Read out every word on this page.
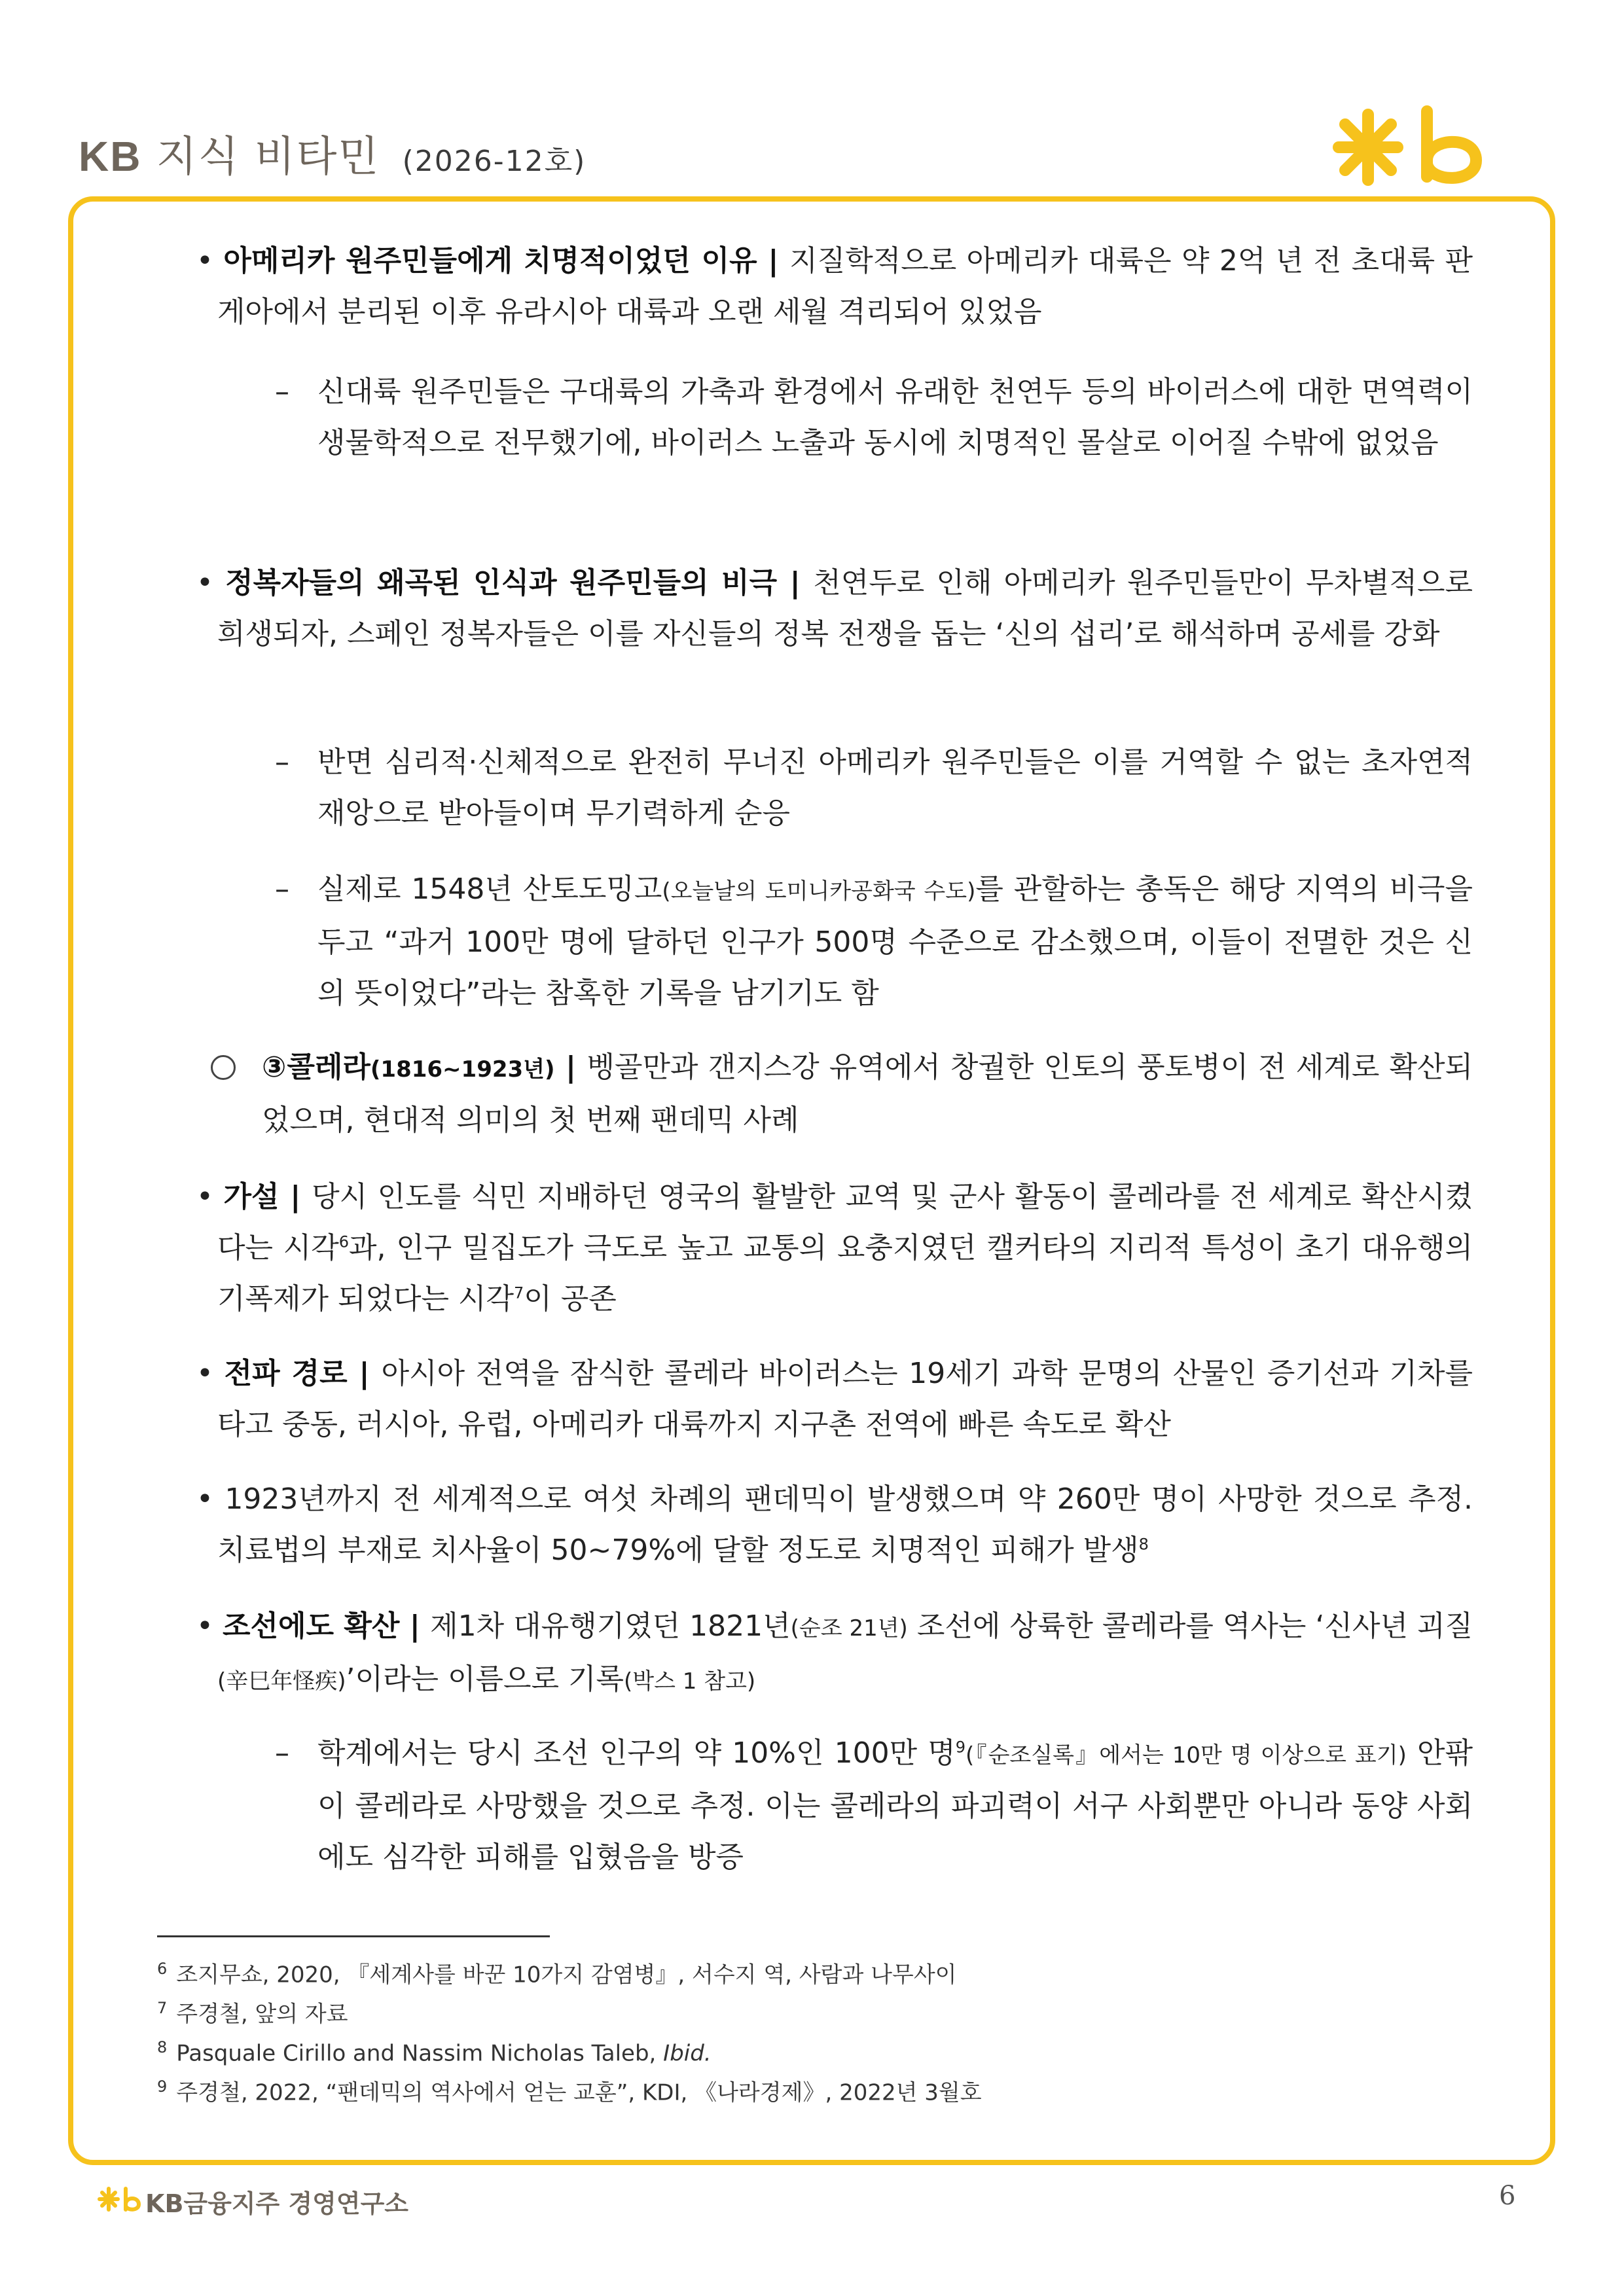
KB 지식 비타민 (2026-12호)
• 아메리카 원주민들에게 치명적이었던 이유 | 지질학적으로 아메리카 대륙은 약 2억 년 전 초대륙 판게아에서 분리된 이후 유라시아 대륙과 오랜 세월 격리되어 있었음
– 신대륙 원주민들은 구대륙의 가축과 환경에서 유래한 천연두 등의 바이러스에 대한 면역력이 생물학적으로 전무했기에, 바이러스 노출과 동시에 치명적인 몰살로 이어질 수밖에 없었음
• 정복자들의 왜곡된 인식과 원주민들의 비극 | 천연두로 인해 아메리카 원주민들만이 무차별적으로 희생되자, 스페인 정복자들은 이를 자신들의 정복 전쟁을 돕는 ‘신의 섭리’로 해석하며 공세를 강화
– 반면 심리적·신체적으로 완전히 무너진 아메리카 원주민들은 이를 거역할 수 없는 초자연적 재앙으로 받아들이며 무기력하게 순응
– 실제로 1548년 산토도밍고(오늘날의 도미니카공화국 수도)를 관할하는 총독은 해당 지역의 비극을 두고 “과거 100만 명에 달하던 인구가 500명 수준으로 감소했으며, 이들이 전멸한 것은 신의 뜻이었다”라는 참혹한 기록을 남기기도 함
③콜레라(1816~1923년) | 벵골만과 갠지스강 유역에서 창궐한 인토의 풍토병이 전 세계로 확산되었으며, 현대적 의미의 첫 번째 팬데믹 사례
• 가설 | 당시 인도를 식민 지배하던 영국의 활발한 교역 및 군사 활동이 콜레라를 전 세계로 확산시켰다는 시각$^6$과, 인구 밀집도가 극도로 높고 교통의 요충지였던 캘커타의 지리적 특성이 초기 대유행의 기폭제가 되었다는 시각$^7$이 공존
• 전파 경로 | 아시아 전역을 잠식한 콜레라 바이러스는 19세기 과학 문명의 산물인 증기선과 기차를 타고 중동, 러시아, 유럽, 아메리카 대륙까지 지구촌 전역에 빠른 속도로 확산
• 1923년까지 전 세계적으로 여섯 차례의 팬데믹이 발생했으며 약 260만 명이 사망한 것으로 추정. 치료법의 부재로 치사율이 50~79%에 달할 정도로 치명적인 피해가 발생$^8$
• 조선에도 확산 | 제1차 대유행기였던 1821년(순조 21년) 조선에 상륙한 콜레라를 역사는 ‘신사년 괴질(辛巳年怪疾)’이라는 이름으로 기록(박스 1 참고)
– 학계에서는 당시 조선 인구의 약 10%인 100만 명$^9$(『순조실록』에서는 10만 명 이상으로 표기) 안팎이 콜레라로 사망했을 것으로 추정. 이는 콜레라의 파괴력이 서구 사회뿐만 아니라 동양 사회에도 심각한 피해를 입혔음을 방증
$^6$ 조지무쇼, 2020, 『세계사를 바꾼 10가지 감염병』, 서수지 역, 사람과 나무사이
$^7$ 주경철, 앞의 자료
$^8$ Pasquale Cirillo and Nassim Nicholas Taleb, Ibid.
$^9$ 주경철, 2022, “팬데믹의 역사에서 얻는 교훈”, KDI, 《나라경제》, 2022년 3월호
KB금융지주 경영연구소	6
